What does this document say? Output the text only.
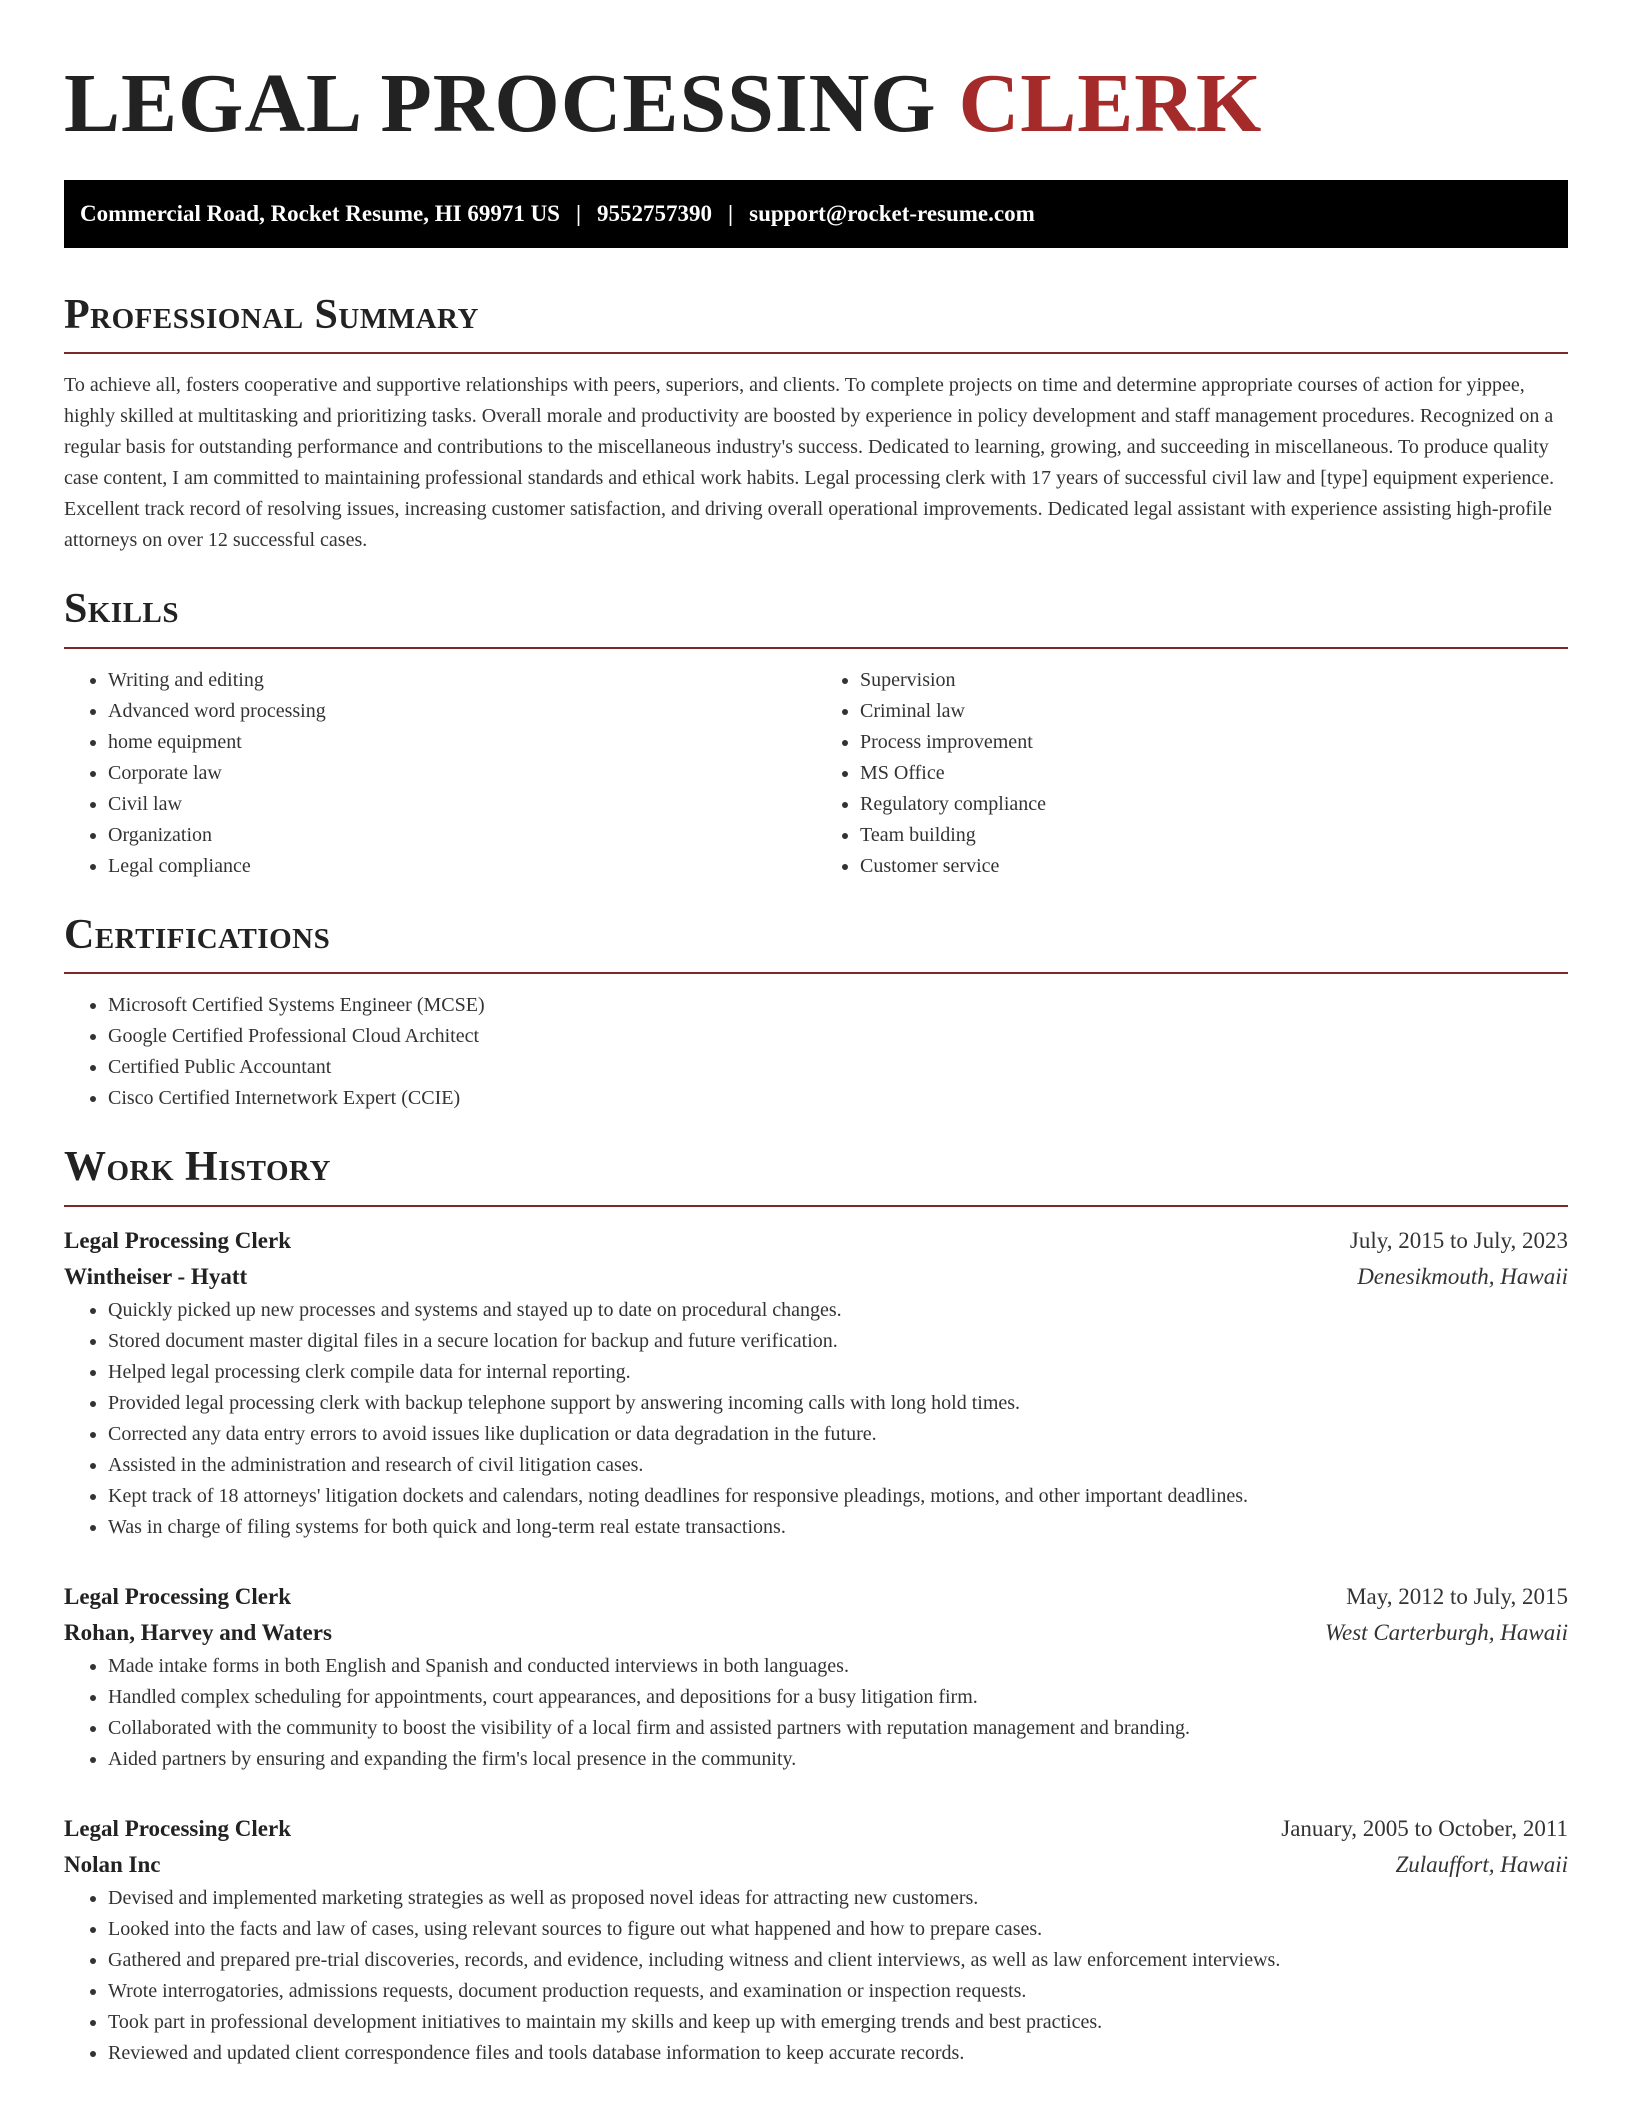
LEGAL PROCESSING CLERK
Commercial Road, Rocket Resume, HI 69971 US | 9552757390 | support@rocket-resume.com
Professional Summary

To achieve all, fosters cooperative and supportive relationships with peers, superiors, and clients. To complete projects on time and determine appropriate courses of action for yippee, highly skilled at multitasking and prioritizing tasks. Overall morale and productivity are boosted by experience in policy development and staff management procedures. Recognized on a regular basis for outstanding performance and contributions to the miscellaneous industry's success. Dedicated to learning, growing, and succeeding in miscellaneous. To produce quality case content, I am committed to maintaining professional standards and ethical work habits. Legal processing clerk with 17 years of successful civil law and [type] equipment experience. Excellent track record of resolving issues, increasing customer satisfaction, and driving overall operational improvements. Dedicated legal assistant with experience assisting high-profile attorneys on over 12 successful cases.

Skills
• Writing and editing
• Advanced word processing
• home equipment
• Corporate law
• Civil law
• Organization
• Legal compliance
• Supervision
• Criminal law
• Process improvement
• MS Office
• Regulatory compliance
• Team building
• Customer service
Certifications
• Microsoft Certified Systems Engineer (MCSE)
• Google Certified Professional Cloud Architect
• Certified Public Accountant
• Cisco Certified Internetwork Expert (CCIE)
Work History
Legal Processing Clerk	July, 2015 to July, 2023
Wintheiser - Hyatt	Denesikmouth, Hawaii
• Quickly picked up new processes and systems and stayed up to date on procedural changes.
• Stored document master digital files in a secure location for backup and future verification.
• Helped legal processing clerk compile data for internal reporting.
• Provided legal processing clerk with backup telephone support by answering incoming calls with long hold times.
• Corrected any data entry errors to avoid issues like duplication or data degradation in the future.
• Assisted in the administration and research of civil litigation cases.
• Kept track of 18 attorneys' litigation dockets and calendars, noting deadlines for responsive pleadings, motions, and other important deadlines.
• Was in charge of filing systems for both quick and long-term real estate transactions.
Legal Processing Clerk	May, 2012 to July, 2015
Rohan, Harvey and Waters	West Carterburgh, Hawaii
• Made intake forms in both English and Spanish and conducted interviews in both languages.
• Handled complex scheduling for appointments, court appearances, and depositions for a busy litigation firm.
• Collaborated with the community to boost the visibility of a local firm and assisted partners with reputation management and branding.
• Aided partners by ensuring and expanding the firm's local presence in the community.
Legal Processing Clerk	January, 2005 to October, 2011
Nolan Inc	Zulauffort, Hawaii
• Devised and implemented marketing strategies as well as proposed novel ideas for attracting new customers.
• Looked into the facts and law of cases, using relevant sources to figure out what happened and how to prepare cases.
• Gathered and prepared pre-trial discoveries, records, and evidence, including witness and client interviews, as well as law enforcement interviews.
• Wrote interrogatories, admissions requests, document production requests, and examination or inspection requests.
• Took part in professional development initiatives to maintain my skills and keep up with emerging trends and best practices.
• Reviewed and updated client correspondence files and tools database information to keep accurate records.
